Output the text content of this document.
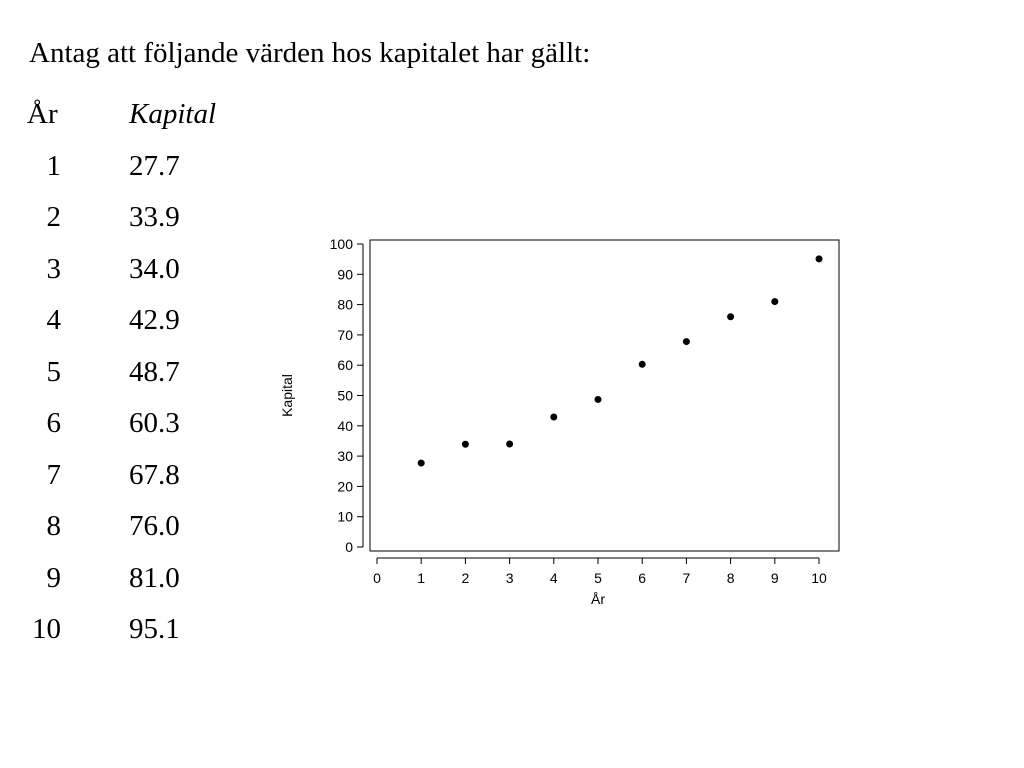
Antag att följande värden hos kapitalet har gällt:
År Kapital
1 27.7
2 33.9
3 34.0
4 42.9
5 48.7
6 60.3
7 67.8
8 76.0
9 81.0
10 95.1
0
10
20
30
40
50
60
70
80
90
100
0	1	2	3	4	5	6	7	8	9 10
År
Kapital
